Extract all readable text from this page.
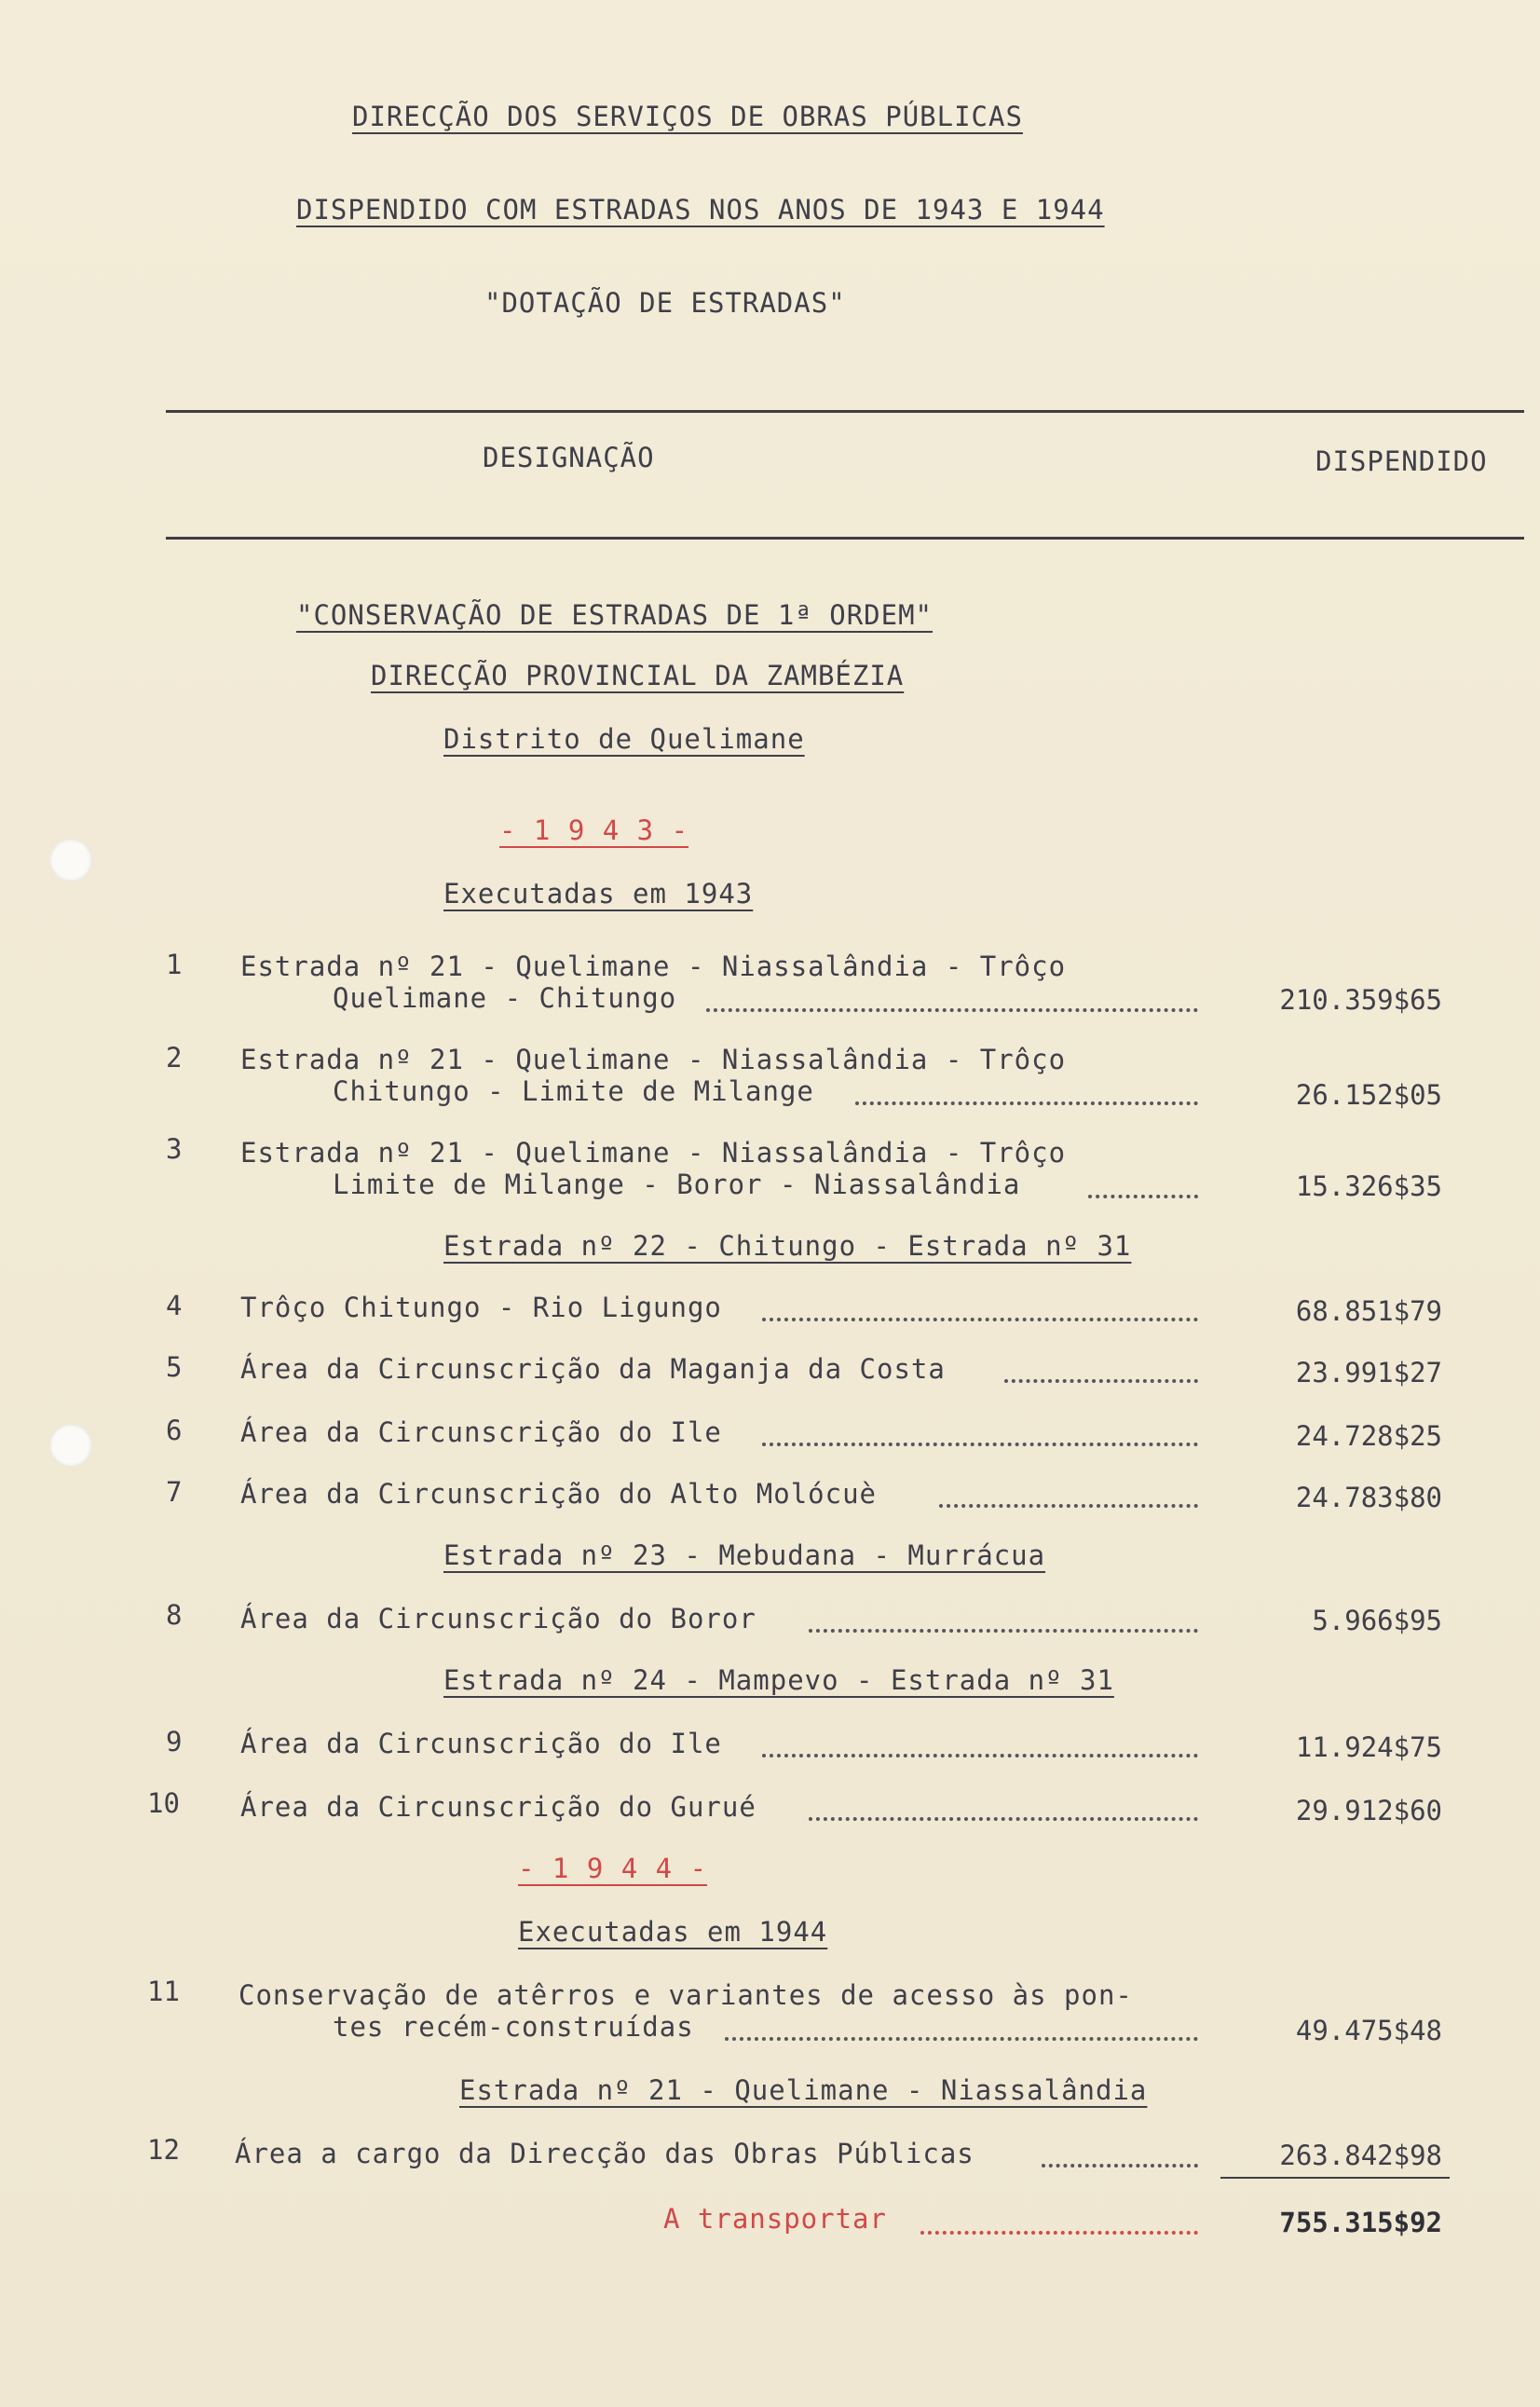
DIRECÇÃO DOS SERVIÇOS DE OBRAS PÚBLICAS
DISPENDIDO COM ESTRADAS NOS ANOS DE 1943 E 1944
"DOTAÇÃO DE ESTRADAS"
DESIGNAÇÃO	DISPENDIDO
"CONSERVAÇÃO DE ESTRADAS DE 1ª ORDEM"
DIRECÇÃO PROVINCIAL DA ZAMBÉZIA
Distrito de Quelimane
- 1 9 4 3 -
Executadas em 1943
1 Estrada nº 21 - Quelimane - Niassalândia - Trôço
Quelimane - Chitungo	210.359$65
2 Estrada nº 21 - Quelimane - Niassalândia - Trôço
Chitungo - Limite de Milange	26.152$05
3 Estrada nº 21 - Quelimane - Niassalândia - Trôço
Limite de Milange - Boror - Niassalândia	15.326$35
Estrada nº 22 - Chitungo - Estrada nº 31
4 Trôço Chitungo - Rio Ligungo	68.851$79
5 Área da Circunscrição da Maganja da Costa	23.991$27
6 Área da Circunscrição do Ile	24.728$25
7 Área da Circunscrição do Alto Molócuè	24.783$80
Estrada nº 23 - Mebudana - Murrácua
8 Área da Circunscrição do Boror	5.966$95
Estrada nº 24 - Mampevo - Estrada nº 31
9 Área da Circunscrição do Ile	11.924$75
10 Área da Circunscrição do Gurué	29.912$60
- 1 9 4 4 -
Executadas em 1944
11 Conservação de atêrros e variantes de acesso às pon-
tes recém-construídas	49.475$48
Estrada nº 21 - Quelimane - Niassalândia
12 Área a cargo da Direcção das Obras Públicas	263.842$98
A transportar	755.315$92
